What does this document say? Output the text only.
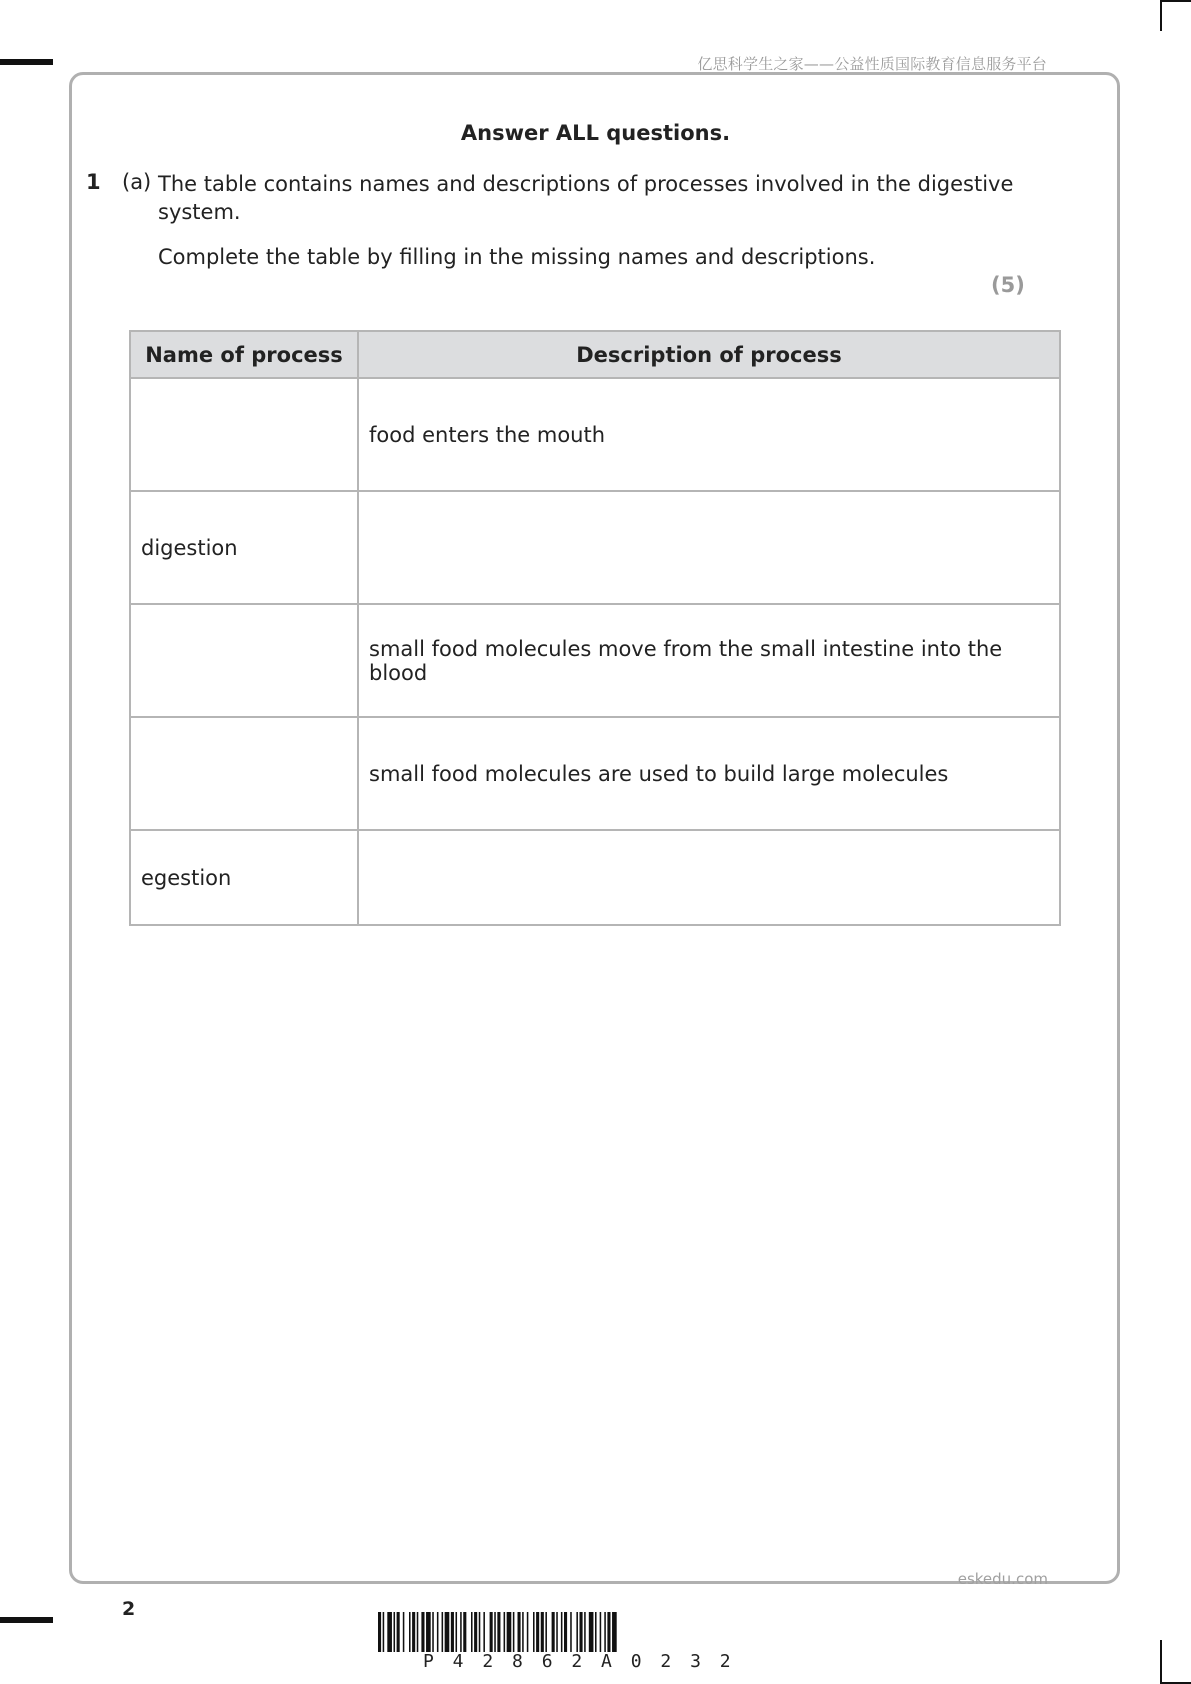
亿思科学生之家——公益性质国际教育信息服务平台
Answer ALL questions.
1 (a) The table contains names and descriptions of processes involved in the digestive system.
Complete the table by filling in the missing names and descriptions.
(5)
Name of process	Description of process
	food enters the mouth
digestion	
	small food molecules move from the small intestine into the blood
	small food molecules are used to build large molecules
egestion	
eskedu.com
2
P 4 2 8 6 2 A 0 2 3 2
